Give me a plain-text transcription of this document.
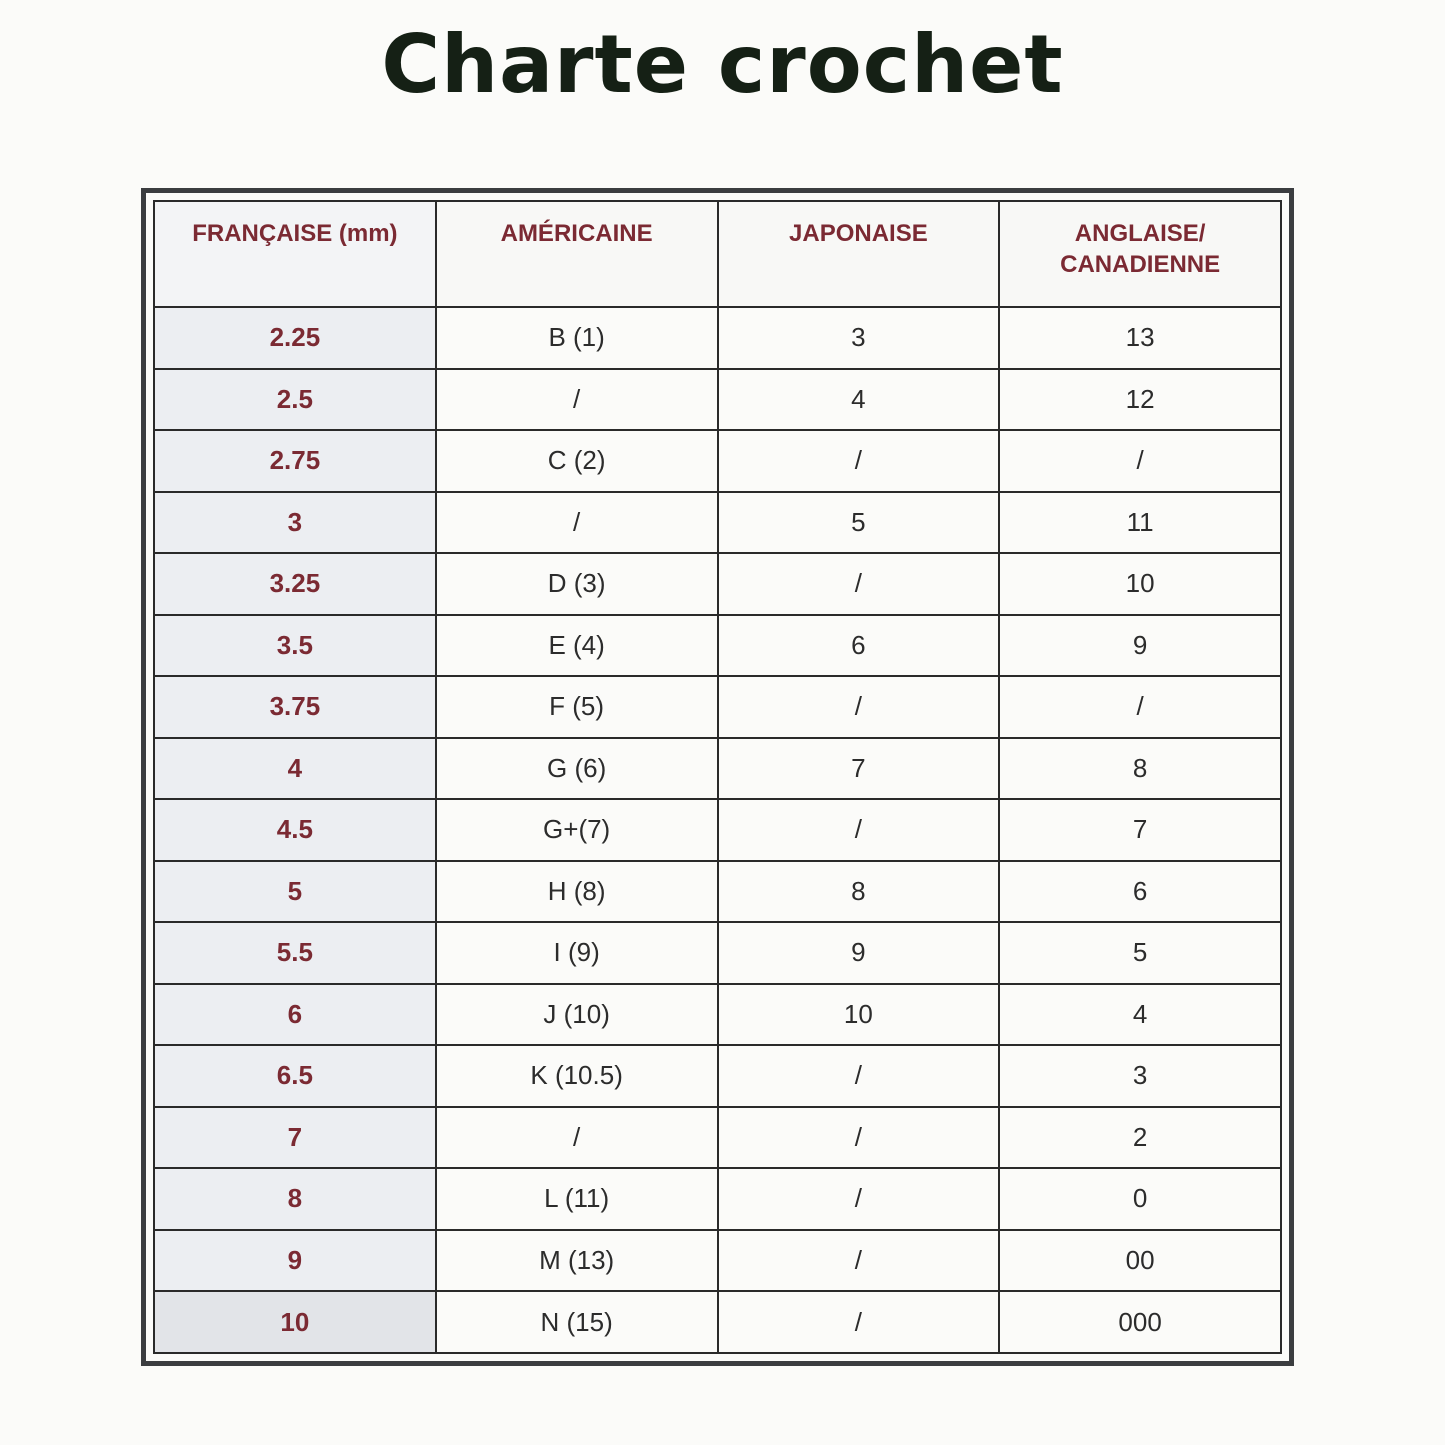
Charte crochet
FRANÇAISE (mm)	AMÉRICAINE	JAPONAISE	ANGLAISE/
CANADIENNE
2.25	B (1)	3	13
2.5	/	4	12
2.75	C (2)	/	/
3	/	5	11
3.25	D (3)	/	10
3.5	E (4)	6	9
3.75	F (5)	/	/
4	G (6)	7	8
4.5	G+(7)	/	7
5	H (8)	8	6
5.5	I (9)	9	5
6	J (10)	10	4
6.5	K (10.5)	/	3
7	/	/	2
8	L (11)	/	0
9	M (13)	/	00
10	N (15)	/	000
